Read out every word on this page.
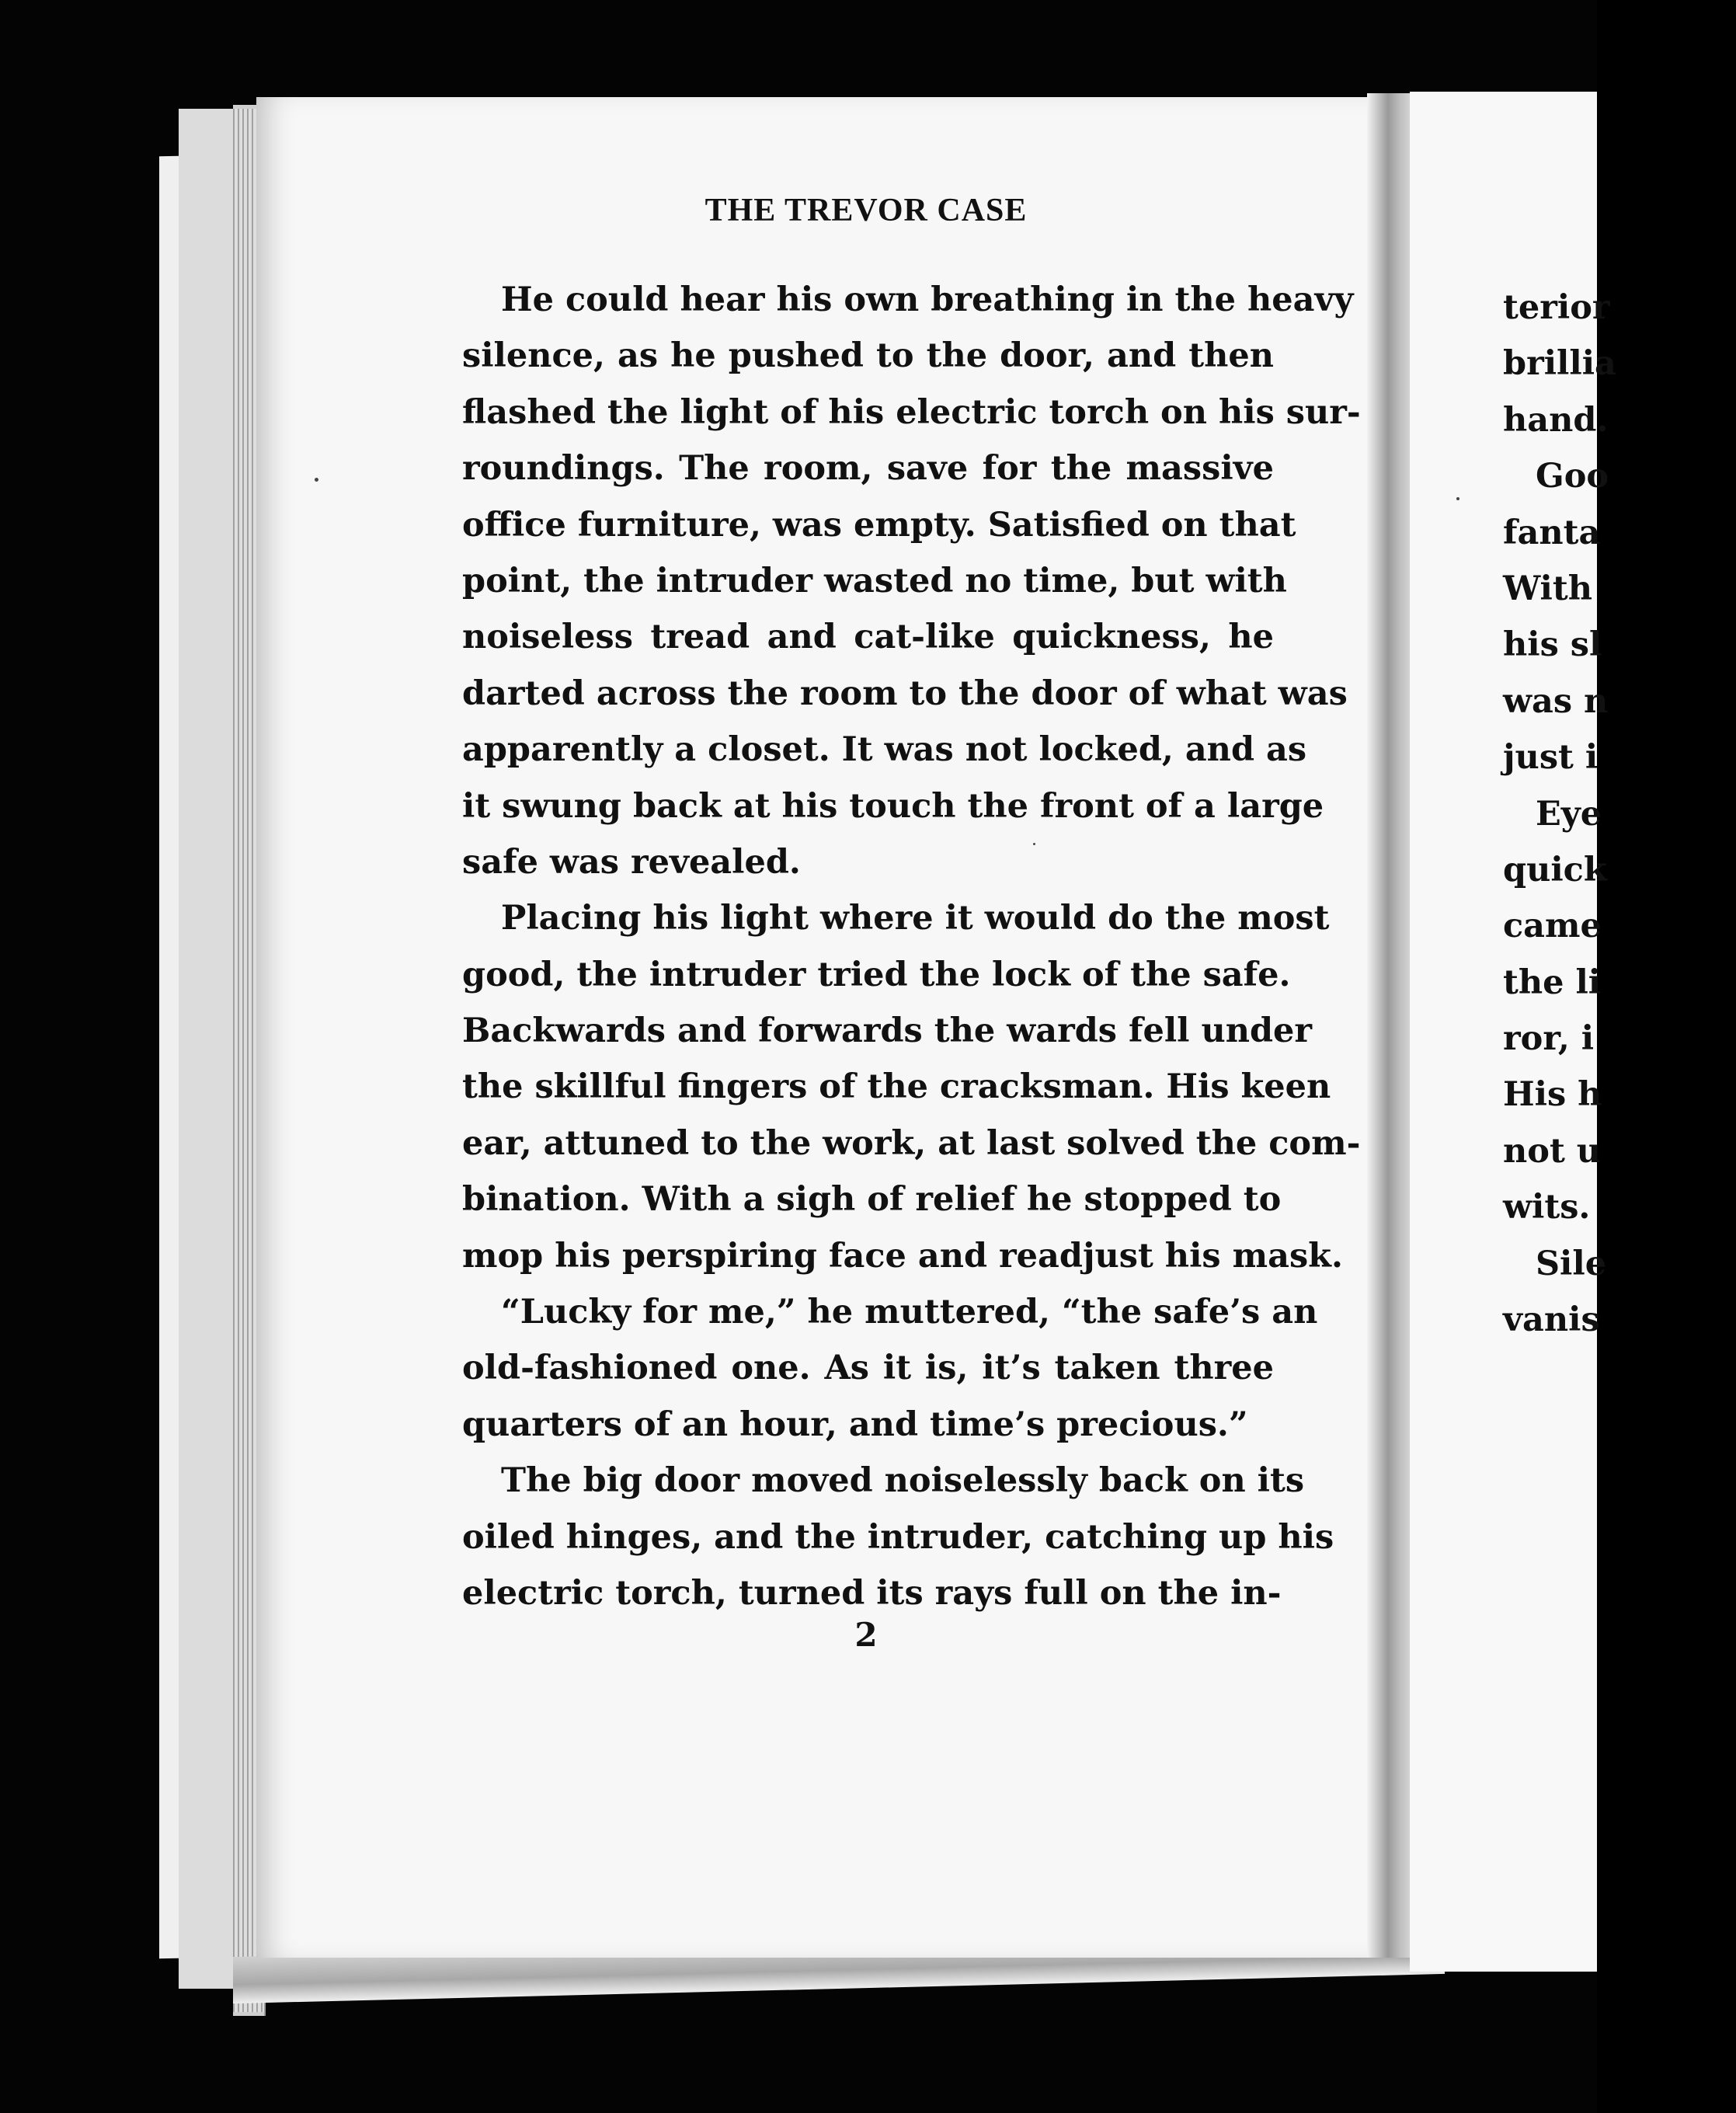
THE TREVOR CASE
He could hear his own breathing in the heavy
silence, as he pushed to the door, and then
flashed the light of his electric torch on his sur-
roundings. The room, save for the massive
office furniture, was empty. Satisfied on that
point, the intruder wasted no time, but with
noiseless tread and cat-like quickness, he
darted across the room to the door of what was
apparently a closet. It was not locked, and as
it swung back at his touch the front of a large
safe was revealed.
Placing his light where it would do the most
good, the intruder tried the lock of the safe.
Backwards and forwards the wards fell under
the skillful fingers of the cracksman. His keen
ear, attuned to the work, at last solved the com-
bination. With a sigh of relief he stopped to
mop his perspiring face and readjust his mask.
“Lucky for me,” he muttered, “the safe’s an
old-fashioned one. As it is, it’s taken three
quarters of an hour, and time’s precious.”
The big door moved noiselessly back on its
oiled hinges, and the intruder, catching up his
electric torch, turned its rays full on the in-
2
terior
brillia
hand.
Goo
fanta
With
his sl
was n
just i
Eye
quick
came
the li
ror, i
His h
not u
wits.
Sile
vanis
